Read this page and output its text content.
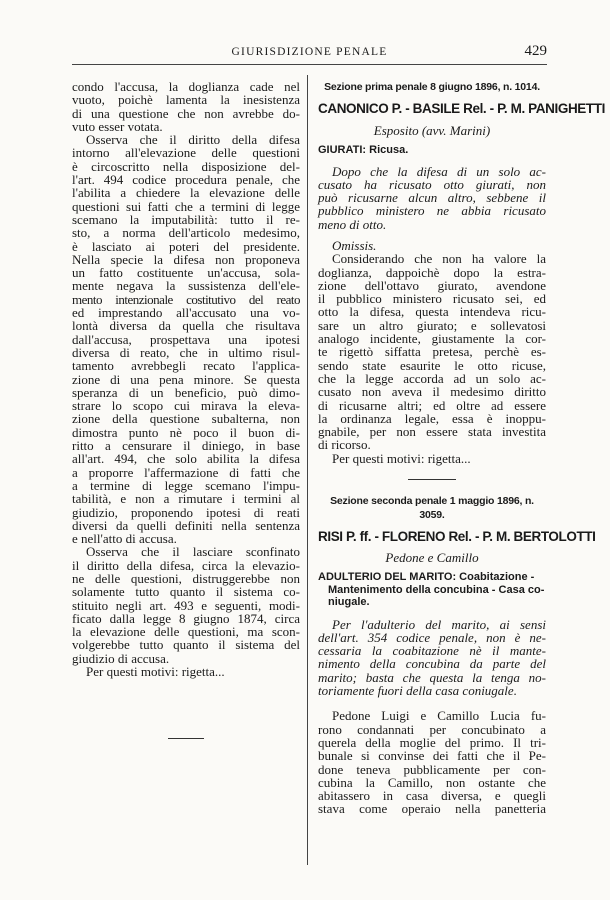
GIURISDIZIONE PENALE	429
condo l'accusa, la doglianza cade nel
vuoto, poichè lamenta la inesistenza
di una questione che non avrebbe do-
vuto esser votata.
Osserva che il diritto della difesa
intorno all'elevazione delle questioni
è circoscritto nella disposizione del-
l'art. 494 codice procedura penale, che
l'abilita a chiedere la elevazione delle
questioni sui fatti che a termini di legge
scemano la imputabilità: tutto il re-
sto, a norma dell'articolo medesimo,
è lasciato ai poteri del presidente.
Nella specie la difesa non proponeva
un fatto costituente un'accusa, sola-
mente negava la sussistenza dell'ele-
mento intenzionale costitutivo del reato
ed imprestando all'accusato una vo-
lontà diversa da quella che risultava
dall'accusa, prospettava una ipotesi
diversa di reato, che in ultimo risul-
tamento avrebbegli recato l'applica-
zione di una pena minore. Se questa
speranza di un beneficio, può dimo-
strare lo scopo cui mirava la eleva-
zione della questione subalterna, non
dimostra punto nè poco il buon di-
ritto a censurare il diniego, in base
all'art. 494, che solo abilita la difesa
a proporre l'affermazione di fatti che
a termine di legge scemano l'impu-
tabilità, e non a rimutare i termini al
giudizio, proponendo ipotesi di reati
diversi da quelli definiti nella sentenza
e nell'atto di accusa.
Osserva che il lasciare sconfinato
il diritto della difesa, circa la elevazio-
ne delle questioni, distruggerebbe non
solamente tutto quanto il sistema co-
stituito negli art. 493 e seguenti, modi-
ficato dalla legge 8 giugno 1874, circa
la elevazione delle questioni, ma scon-
volgerebbe tutto quanto il sistema del
giudizio di accusa.
Per questi motivi: rigetta...
Sezione prima penale 8 giugno 1896, n. 1014.
CANONICO P. - BASILE Rel. - P. M. PANIGHETTI
Esposito (avv. Marini)
GIURATI: Ricusa.
Dopo che la difesa di un solo ac-
cusato ha ricusato otto giurati, non
può ricusarne alcun altro, sebbene il
pubblico ministero ne abbia ricusato
meno di otto.
Omissis.
Considerando che non ha valore la
doglianza, dappoichè dopo la estra-
zione dell'ottavo giurato, avendone
il pubblico ministero ricusato sei, ed
otto la difesa, questa intendeva ricu-
sare un altro giurato; e sollevatosi
analogo incidente, giustamente la cor-
te rigettò siffatta pretesa, perchè es-
sendo state esaurite le otto ricuse,
che la legge accorda ad un solo ac-
cusato non aveva il medesimo diritto
di ricusarne altri; ed oltre ad essere
la ordinanza legale, essa è inoppu-
gnabile, per non essere stata investita
di ricorso.
Per questi motivi: rigetta...
Sezione seconda penale 1 maggio 1896, n. 3059.
RISI P. ff. - FLORENO Rel. - P. M. BERTOLOTTI
Pedone e Camillo
ADULTERIO DEL MARITO: Coabitazione -
Mantenimento della concubina - Casa co-
niugale.
Per l'adulterio del marito, ai sensi
dell'art. 354 codice penale, non è ne-
cessaria la coabitazione nè il mante-
nimento della concubina da parte del
marito; basta che questa la tenga no-
toriamente fuori della casa coniugale.
Pedone Luigi e Camillo Lucia fu-
rono condannati per concubinato a
querela della moglie del primo. Il tri-
bunale si convinse dei fatti che il Pe-
done teneva pubblicamente per con-
cubina la Camillo, non ostante che
abitassero in casa diversa, e quegli
stava come operaio nella panetteria
